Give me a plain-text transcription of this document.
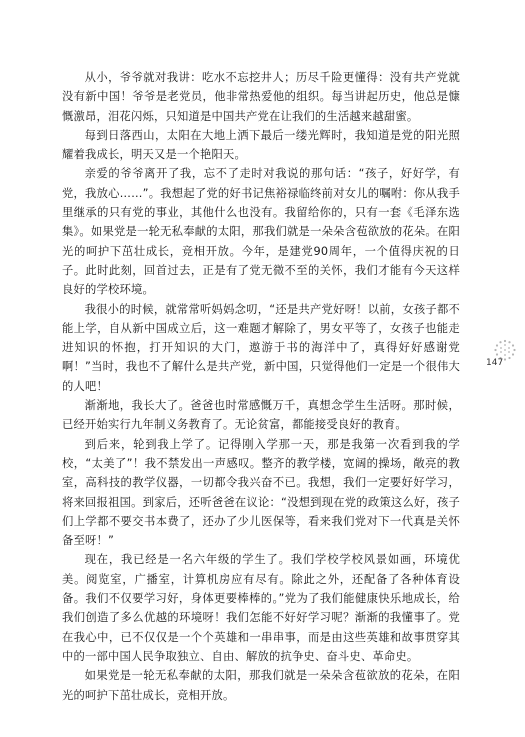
从小，爷爷就对我讲：吃水不忘挖井人；历尽千险更懂得：没有共产党就没有新中国！爷爷是老党员，他非常热爱他的组织。每当讲起历史，他总是慷慨激昂，泪花闪烁，只知道是中国共产党在让我们的生活越来越甜蜜。

每到日落西山，太阳在大地上洒下最后一缕光辉时，我知道是党的阳光照耀着我成长，明天又是一个艳阳天。

亲爱的爷爷离开了我，忘不了走时对我说的那句话：“孩子，好好学，有党，我放心……”。我想起了党的好书记焦裕禄临终前对女儿的嘱咐：你从我手里继承的只有党的事业，其他什么也没有。我留给你的，只有一套《毛泽东选集》。如果党是一轮无私奉献的太阳，那我们就是一朵朵含苞欲放的花朵。在阳光的呵护下茁壮成长，竞相开放。今年，是建党90周年，一个值得庆祝的日子。此时此刻，回首过去，正是有了党无微不至的关怀，我们才能有今天这样良好的学校环境。

我很小的时候，就常常听妈妈念叨，“还是共产党好呀！以前，女孩子都不能上学，自从新中国成立后，这一难题才解除了，男女平等了，女孩子也能走进知识的怀抱，打开知识的大门，遨游于书的海洋中了，真得好好感谢党啊！”当时，我也不了解什么是共产党，新中国，只觉得他们一定是一个很伟大的人吧！

渐渐地，我长大了。爸爸也时常感慨万千，真想念学生生活呀。那时候，已经开始实行九年制义务教育了。无论贫富，都能接受良好的教育。

到后来，轮到我上学了。记得刚入学那一天，那是我第一次看到我的学校，“太美了”！我不禁发出一声感叹。整齐的教学楼，宽阔的操场，敞亮的教室，高科技的教学仪器，一切都令我兴奋不已。我想，我们一定要好好学习，将来回报祖国。到家后，还听爸爸在议论：“没想到现在党的政策这么好，孩子们上学都不要交书本费了，还办了少儿医保等，看来我们党对下一代真是关怀备至呀！”

现在，我已经是一名六年级的学生了。我们学校学校风景如画，环境优美。阅览室，广播室，计算机房应有尽有。除此之外，还配备了各种体育设备。我们不仅要学习好，身体更要棒棒的。”党为了我们能健康快乐地成长，给我们创造了多么优越的环境呀！我们怎能不好好学习呢？渐渐的我懂事了。党在我心中，已不仅仅是一个个英雄和一串串事，而是由这些英雄和故事贯穿其中的一部中国人民争取独立、自由、解放的抗争史、奋斗史、革命史。

如果党是一轮无私奉献的太阳，那我们就是一朵朵含苞欲放的花朵，在阳光的呵护下茁壮成长，竞相开放。

147
